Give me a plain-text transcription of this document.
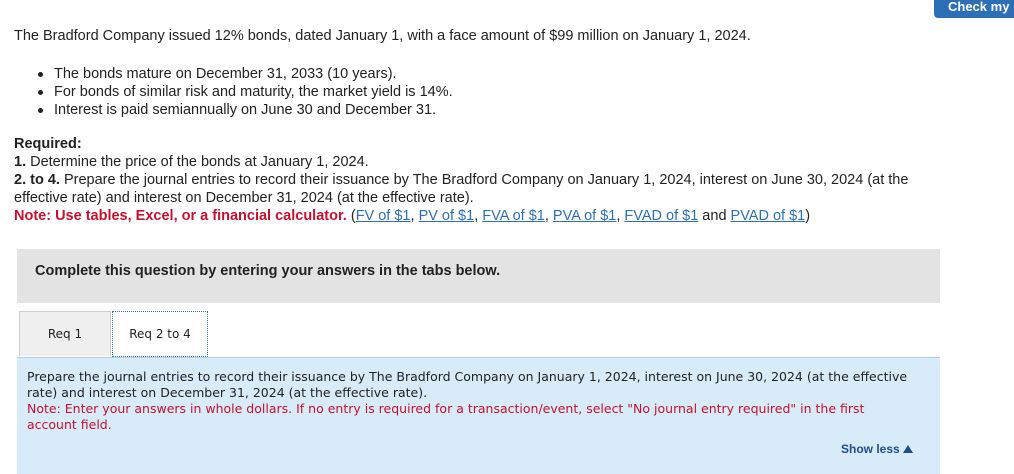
Check my
The Bradford Company issued 12% bonds, dated January 1, with a face amount of $99 million on January 1, 2024.
The bonds mature on December 31, 2033 (10 years).
For bonds of similar risk and maturity, the market yield is 14%.
Interest is paid semiannually on June 30 and December 31.
Required:
1. Determine the price of the bonds at January 1, 2024.
2. to 4. Prepare the journal entries to record their issuance by The Bradford Company on January 1, 2024, interest on June 30, 2024 (at the effective rate) and interest on December 31, 2024 (at the effective rate).
Note: Use tables, Excel, or a financial calculator. (FV of $1, PV of $1, FVA of $1, PVA of $1, FVAD of $1 and PVAD of $1)
Complete this question by entering your answers in the tabs below.
Req 1	Req 2 to 4
Prepare the journal entries to record their issuance by The Bradford Company on January 1, 2024, interest on June 30, 2024 (at the effective rate) and interest on December 31, 2024 (at the effective rate).
Note: Enter your answers in whole dollars. If no entry is required for a transaction/event, select "No journal entry required" in the first account field.
Show less
